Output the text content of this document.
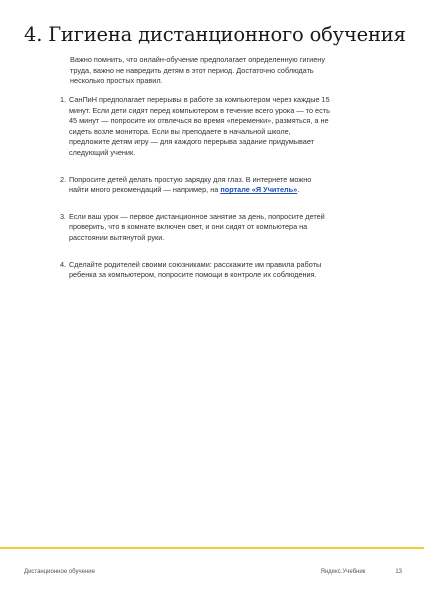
4. Гигиена дистанционного обучения

Важно помнить, что онлайн-обучение предполагает определенную гигиену труда, важно не навредить детям в этот период. Достаточно соблюдать несколько простых правил.

1. СанПиН предполагает перерывы в работе за компьютером через каждые 15 минут. Если дети сидят перед компьютером в течение всего урока — то есть 45 минут — попросите их отвлечься во время «переменки», размяться, а не сидеть возле монитора. Если вы преподаете в начальной школе, предложите детям игру — для каждого перерыва задание придумывает следующий ученик.
2. Попросите детей делать простую зарядку для глаз. В интернете можно найти много рекомендаций — например, на портале «Я Учитель».
3. Если ваш урок — первое дистанционное занятие за день, попросите детей проверить, что в комнате включен свет, и они сидят от компьютера на расстоянии вытянутой руки.
4. Сделайте родителей своими союзниками: расскажите им правила работы ребенка за компьютером, попросите помощи в контроле их соблюдения.
Дистанционное обучение	Яндекс.Учебник	13
